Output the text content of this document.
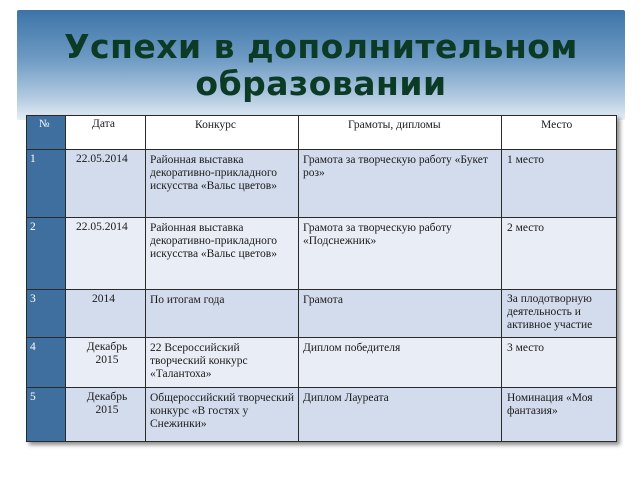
Успехи в дополнительном образовании
№	Дата	Конкурс	Грамоты, дипломы	Место

1	22.05.2014	Районная выставка декоративно-прикладного искусства «Вальс цветов»	Грамота за творческую работу «Букет роз»	1 место

2	22.05.2014	Районная выставка декоративно-прикладного искусства «Вальс цветов»	Грамота за творческую работу «Подснежник»	2 место

3	2014	По итогам года	Грамота	За плодотворную деятельность и активное участие

4	Декабрь 2015	22 Всероссийский творческий конкурс «Талантоха»	Диплом победителя	3 место

5	Декабрь 2015	Общероссийский творческий конкурс «В гостях у Снежинки»	Диплом Лауреата	Номинация «Моя фантазия»
